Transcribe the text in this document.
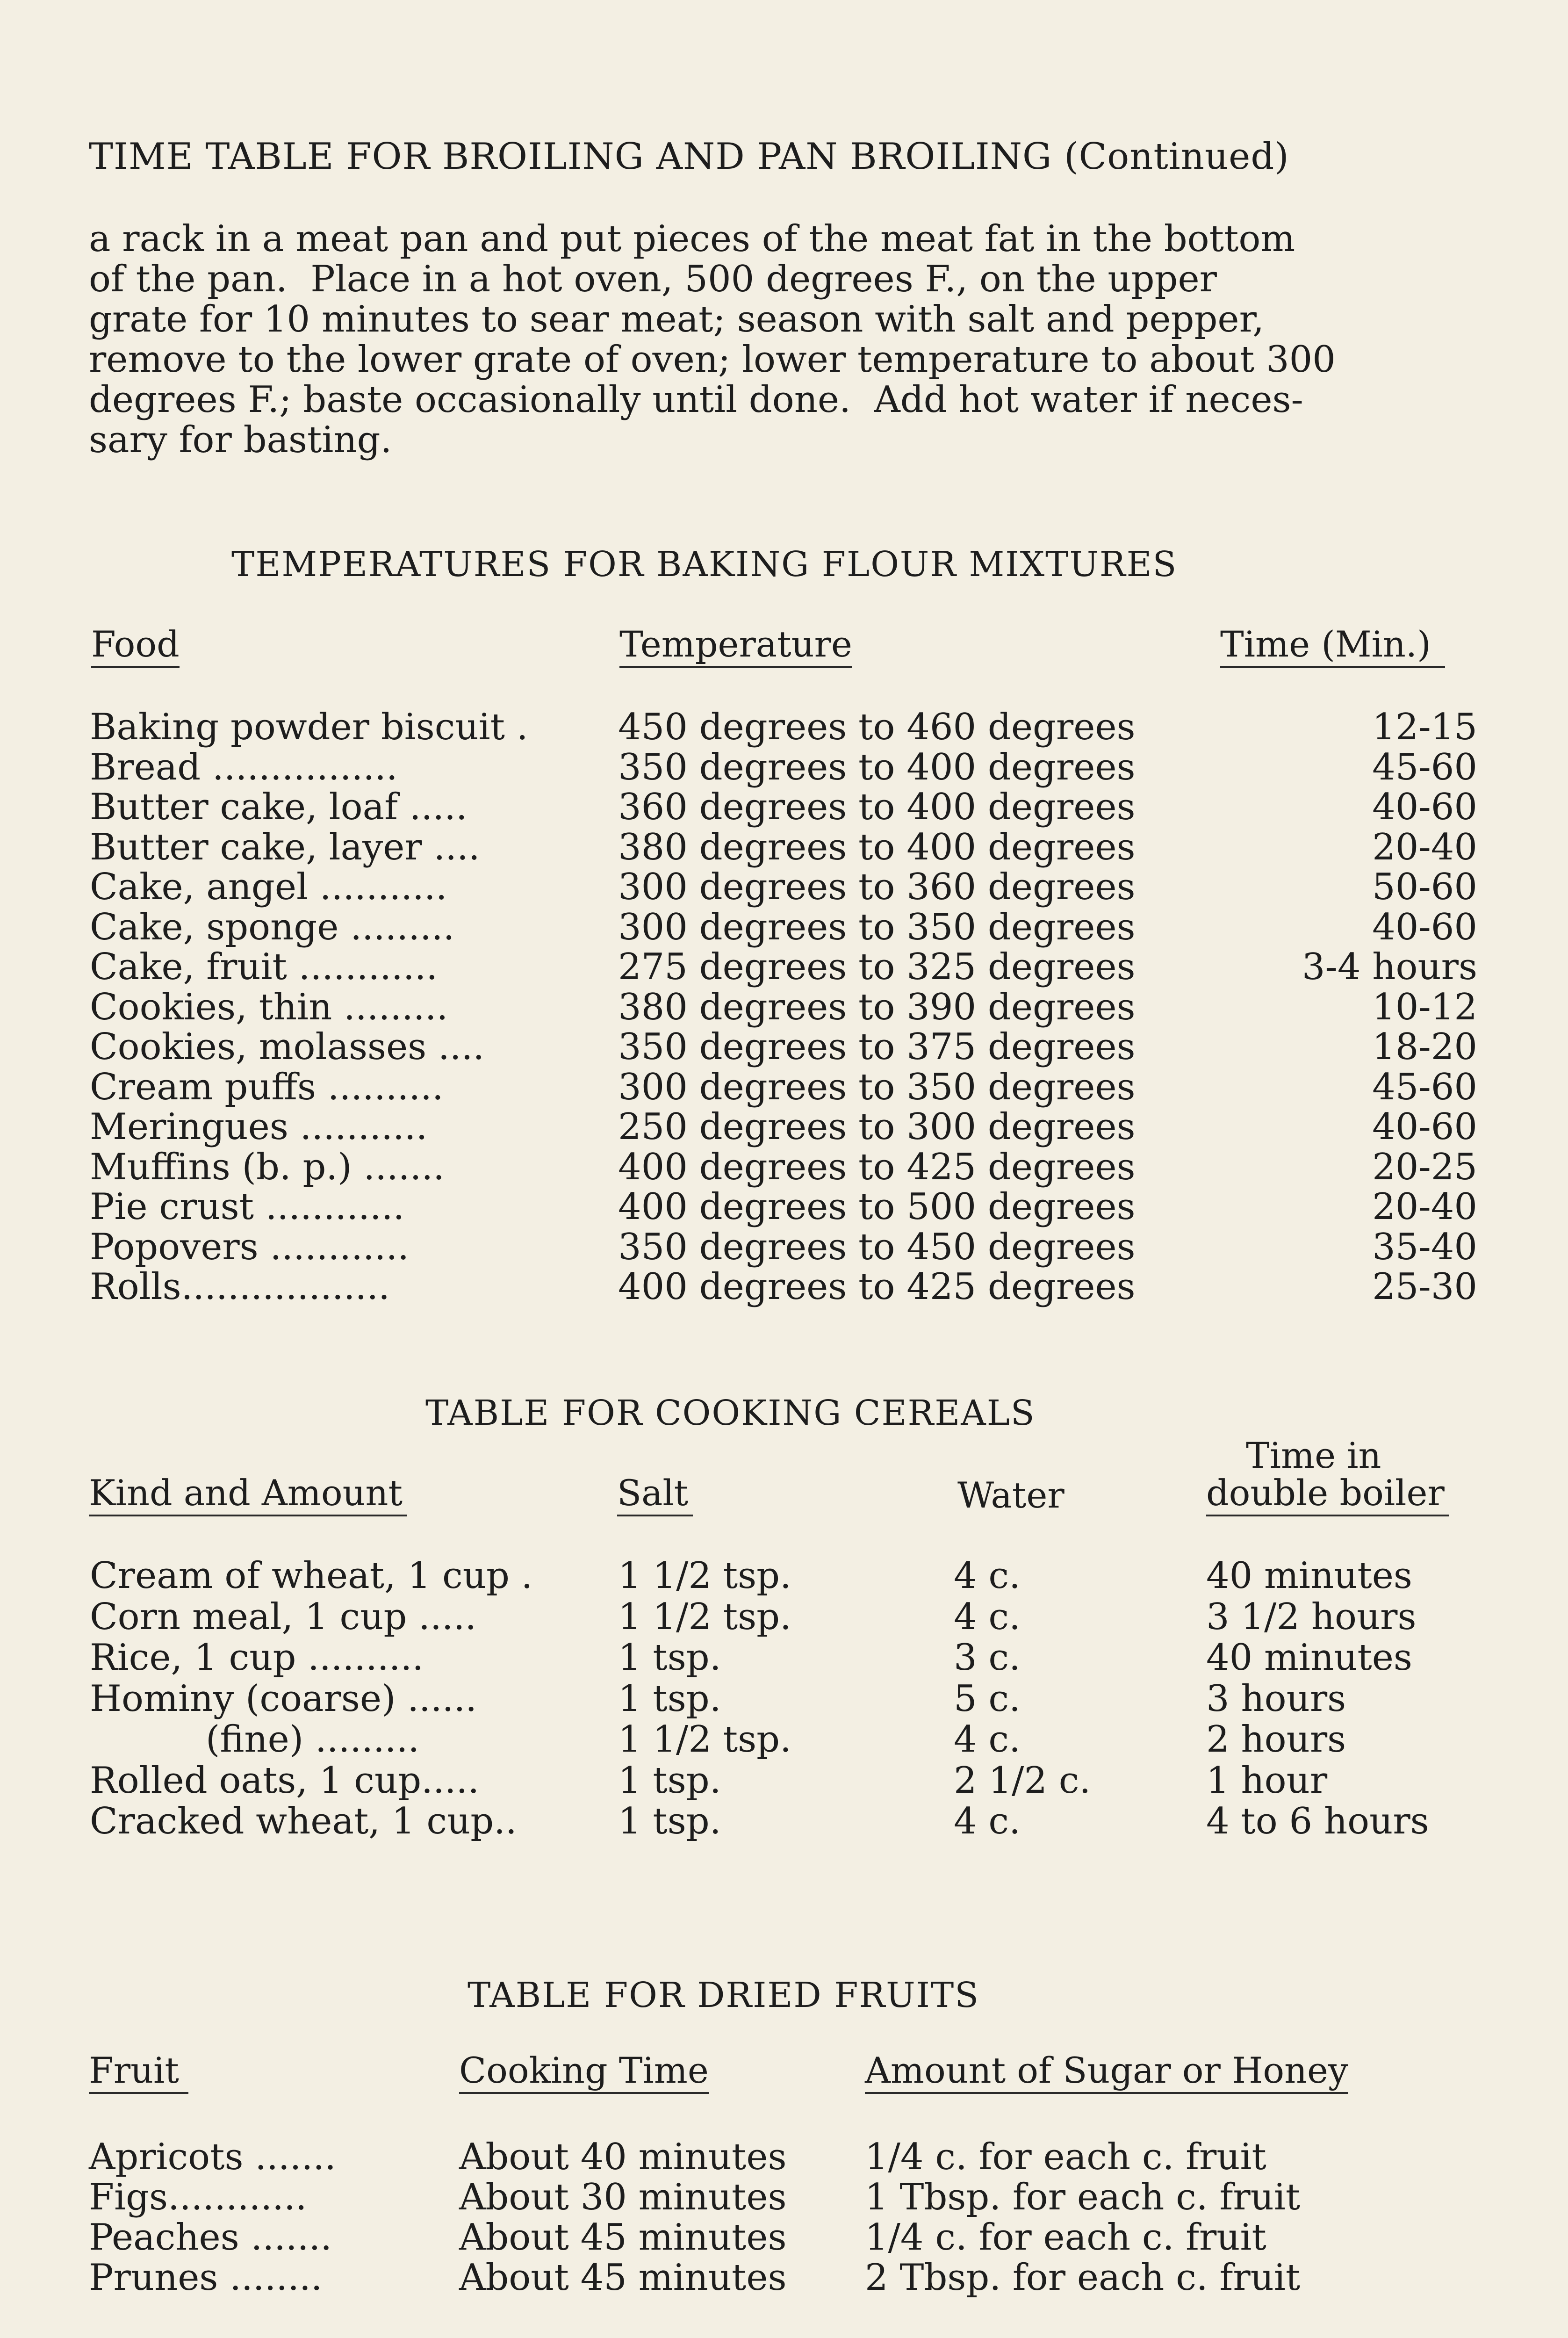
TIME TABLE FOR BROILING AND PAN BROILING (Continued)
a rack in a meat pan and put pieces of the meat fat in the bottom
of the pan.  Place in a hot oven, 500 degrees F., on the upper
grate for 10 minutes to sear meat; season with salt and pepper,
remove to the lower grate of oven; lower temperature to about 300
degrees F.; baste occasionally until done.  Add hot water if neces-
sary for basting.
TEMPERATURES FOR BAKING FLOUR MIXTURES
Food	Temperature	Time (Min.)
Baking powder biscuit . 450 degrees to 460 degrees	12-15
Bread ................	350 degrees to 400 degrees	45-60
Butter cake, loaf .....	360 degrees to 400 degrees	40-60
Butter cake, layer ....	380 degrees to 400 degrees	20-40
Cake, angel ...........	300 degrees to 360 degrees	50-60
Cake, sponge .........	300 degrees to 350 degrees	40-60
Cake, fruit ............	275 degrees to 325 degrees	3-4 hours
Cookies, thin .........	380 degrees to 390 degrees	10-12
Cookies, molasses ....	350 degrees to 375 degrees	18-20
Cream puffs ..........	300 degrees to 350 degrees	45-60
Meringues ...........	250 degrees to 300 degrees	40-60
Muffins (b. p.) .......	400 degrees to 425 degrees	20-25
Pie crust ............	400 degrees to 500 degrees	20-40
Popovers ............	350 degrees to 450 degrees	35-40
Rolls..................	400 degrees to 425 degrees	25-30
TABLE FOR COOKING CEREALS
Time in
Kind and Amount	Salt	Water	double boiler
Cream of wheat, 1 cup . 1 1/2 tsp.	4 c.	40 minutes
Corn meal, 1 cup .....	1 1/2 tsp.	4 c.	3 1/2 hours
Rice, 1 cup ..........	1 tsp.	3 c.	40 minutes
Hominy (coarse) ......	1 tsp.	5 c.	3 hours
(fine) .........	1 1/2 tsp.	4 c.	2 hours
Rolled oats, 1 cup.....	1 tsp.	2 1/2 c.	1 hour
Cracked wheat, 1 cup..	1 tsp.	4 c.	4 to 6 hours
TABLE FOR DRIED FRUITS
Fruit	Cooking Time	Amount of Sugar or Honey
Apricots .......	About 40 minutes 1/4 c. for each c. fruit
Figs............	About 30 minutes 1 Tbsp. for each c. fruit
Peaches .......	About 45 minutes 1/4 c. for each c. fruit
Prunes ........	About 45 minutes 2 Tbsp. for each c. fruit
